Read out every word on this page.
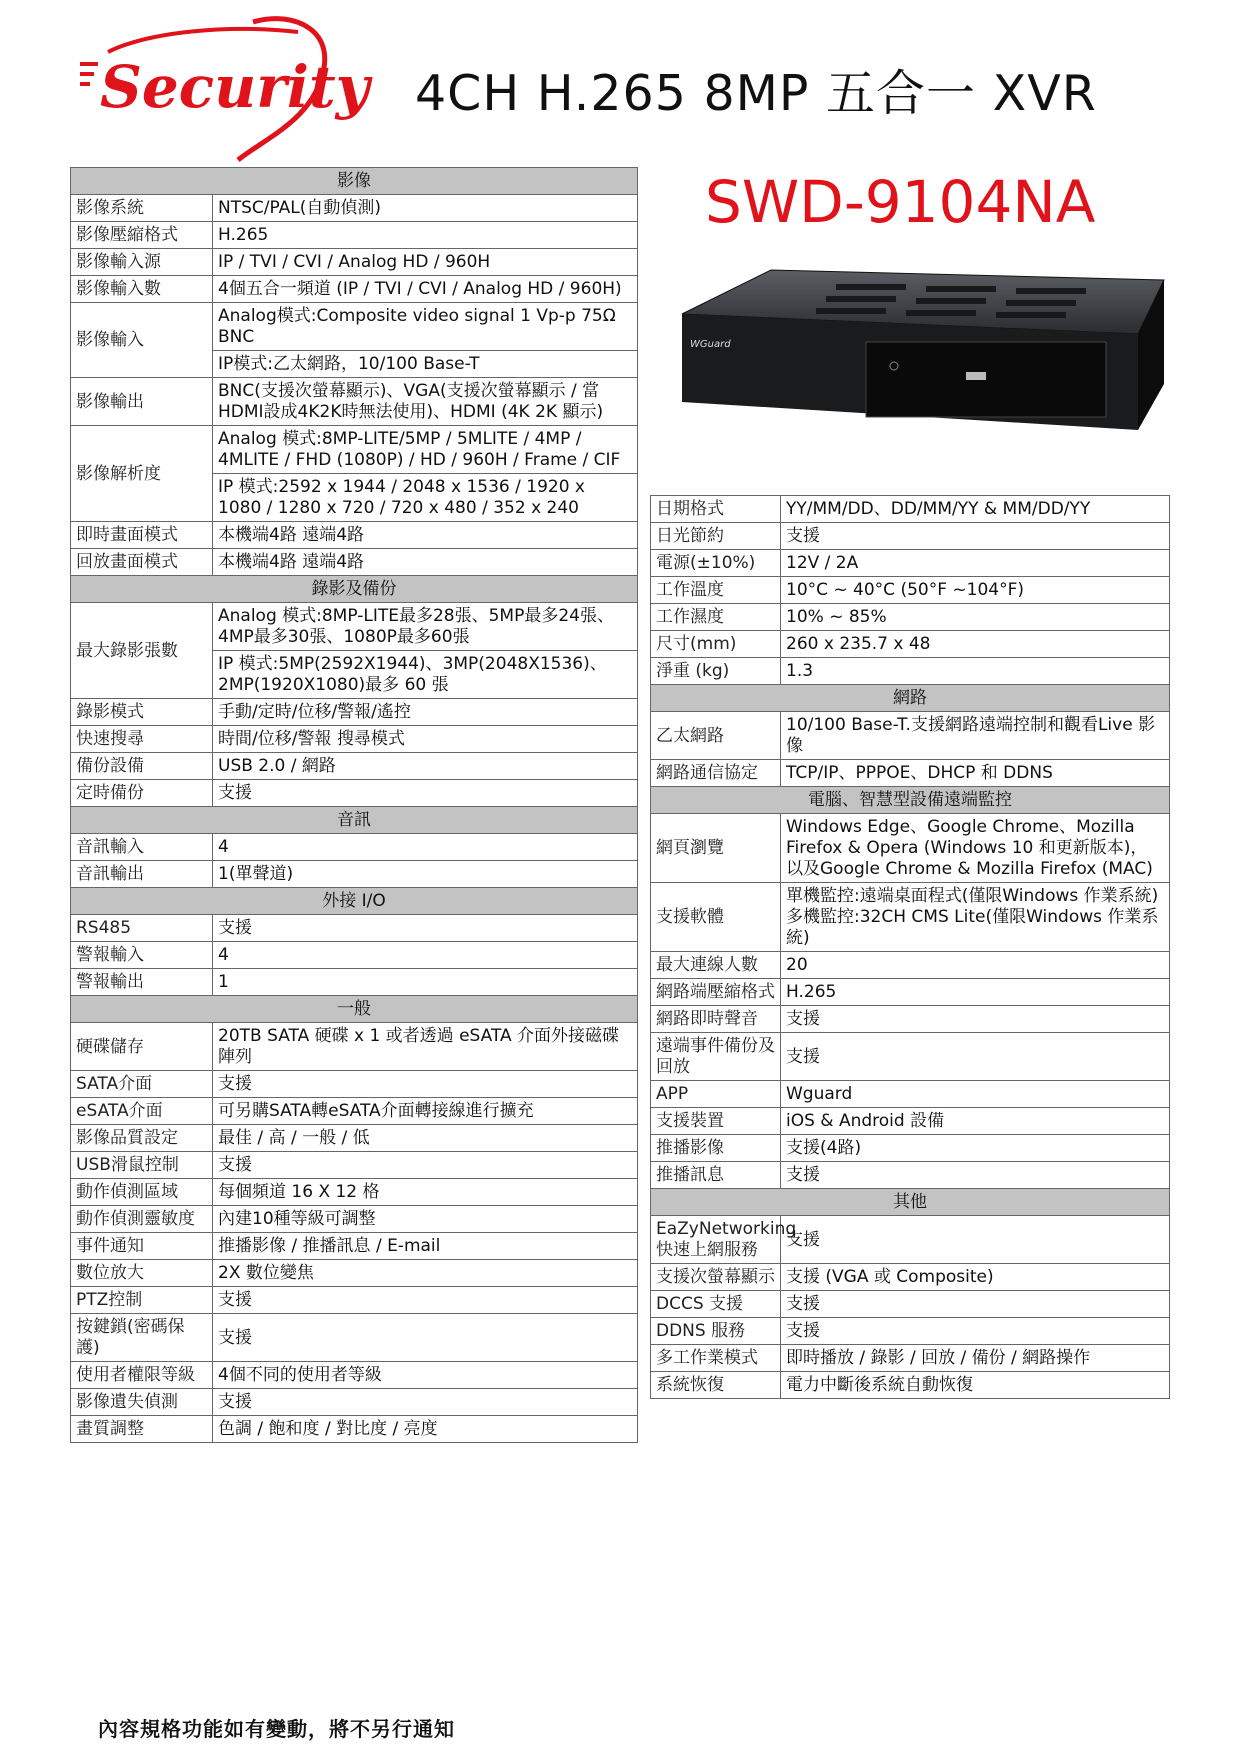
Security 4CH H.265 8MP 五合一 XVR
SWD-9104NA
WGuard
影像	
影像系統	NTSC/PAL(自動偵測)
影像壓縮格式	H.265
影像輸入源	IP / TVI / CVI / Analog HD / 960H
影像輸入數	4個五合一頻道 (IP / TVI / CVI / Analog HD / 960H)
影像輸入	Analog模式:Composite video signal 1 Vp-p 75Ω BNC
	IP模式:乙太網路，10/100 Base-T
影像輸出	BNC(支援次螢幕顯示)、VGA(支援次螢幕顯示 / 當HDMI設成4K2K時無法使用)、HDMI (4K 2K 顯示)
影像解析度	Analog 模式:8MP-LITE/5MP / 5MLITE / 4MP / 4MLITE / FHD (1080P) / HD / 960H / Frame / CIF
	IP 模式:2592 x 1944 / 2048 x 1536 / 1920 x 1080 / 1280 x 720 / 720 x 480 / 352 x 240
即時畫面模式	本機端4路 遠端4路
回放畫面模式	本機端4路 遠端4路
錄影及備份	
最大錄影張數	Analog 模式:8MP-LITE最多28張、5MP最多24張、4MP最多30張、1080P最多60張
	IP 模式:5MP(2592X1944)、3MP(2048X1536)、2MP(1920X1080)最多 60 張
錄影模式	手動/定時/位移/警報/遙控
快速搜尋	時間/位移/警報 搜尋模式
備份設備	USB 2.0 / 網路
定時備份	支援
音訊	
音訊輸入	4
音訊輸出	1(單聲道)
外接 I/O	
RS485	支援
警報輸入	4
警報輸出	1
一般	
硬碟儲存	20TB SATA 硬碟 x 1 或者透過 eSATA 介面外接磁碟陣列
SATA介面	支援
eSATA介面	可另購SATA轉eSATA介面轉接線進行擴充
影像品質設定	最佳 / 高 / 一般 / 低
USB滑鼠控制	支援
動作偵測區域	每個頻道 16 X 12 格
動作偵測靈敏度	內建10種等級可調整
事件通知	推播影像 / 推播訊息 / E-mail
數位放大	2X 數位變焦
PTZ控制	支援
按鍵鎖(密碼保護)	支援
使用者權限等級	4個不同的使用者等級
影像遺失偵測	支援
畫質調整	色調 / 飽和度 / 對比度 / 亮度
日期格式	YY/MM/DD、DD/MM/YY & MM/DD/YY
日光節約	支援
電源(±10%)	12V / 2A
工作溫度	10°C ~ 40°C (50°F ~104°F)
工作濕度	10% ~ 85%
尺寸(mm)	260 x 235.7 x 48
淨重 (kg)	1.3
網路	
乙太網路	10/100 Base-T.支援網路遠端控制和觀看Live 影像
網路通信協定	TCP/IP、PPPOE、DHCP 和 DDNS
電腦、智慧型設備遠端監控	
網頁瀏覽	Windows Edge、Google Chrome、Mozilla Firefox & Opera (Windows 10 和更新版本)，以及Google Chrome & Mozilla Firefox (MAC)
支援軟體	單機監控:遠端桌面程式(僅限Windows 作業系統) 多機監控:32CH CMS Lite(僅限Windows 作業系統)
最大連線人數	20
網路端壓縮格式	H.265
網路即時聲音	支援
遠端事件備份及回放	支援
APP	Wguard
支援裝置	iOS & Android 設備
推播影像	支援(4路)
推播訊息	支援
其他	
EaZyNetworking 快速上網服務	支援
支援次螢幕顯示	支援 (VGA 或 Composite)
DCCS 支援	支援
DDNS 服務	支援
多工作業模式	即時播放 / 錄影 / 回放 / 備份 / 網路操作
系統恢復	電力中斷後系統自動恢復
內容規格功能如有變動，將不另行通知
